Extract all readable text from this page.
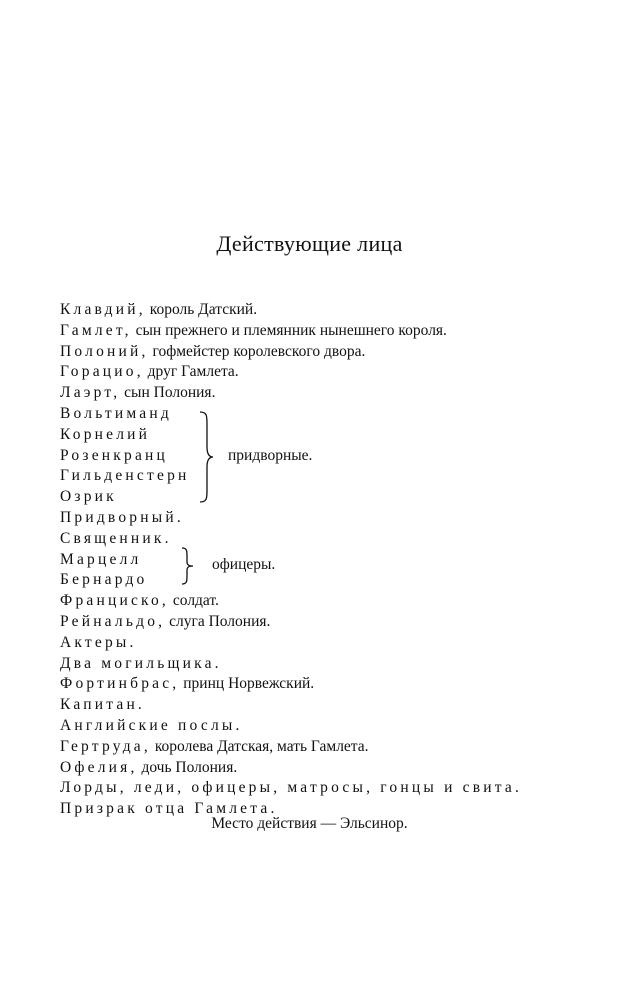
Действующие лица
Клавдий, король Датский.
Гамлет, сын прежнего и племянник нынешнего короля.
Полоний, гофмейстер королевского двора.
Горацио, друг Гамлета.
Лаэрт, сын Полония.
Вольтиманд
Корнелий
Розенкранц
Гильденстерн
Озрик
Придворный.
Священник.
Марцелл
Бернардо
Франциско, солдат.
Рейнальдо, слуга Полония.
Актеры.
Два могильщика.
Фортинбрас, принц Норвежский.
Капитан.
Английские послы.
Гертруда, королева Датская, мать Гамлета.
Офелия, дочь Полония.
Лорды, леди, офицеры, матросы, гонцы и свита.
Призрак отца Гамлета.
придворные.
офицеры.
Место действия — Эльсинор.
